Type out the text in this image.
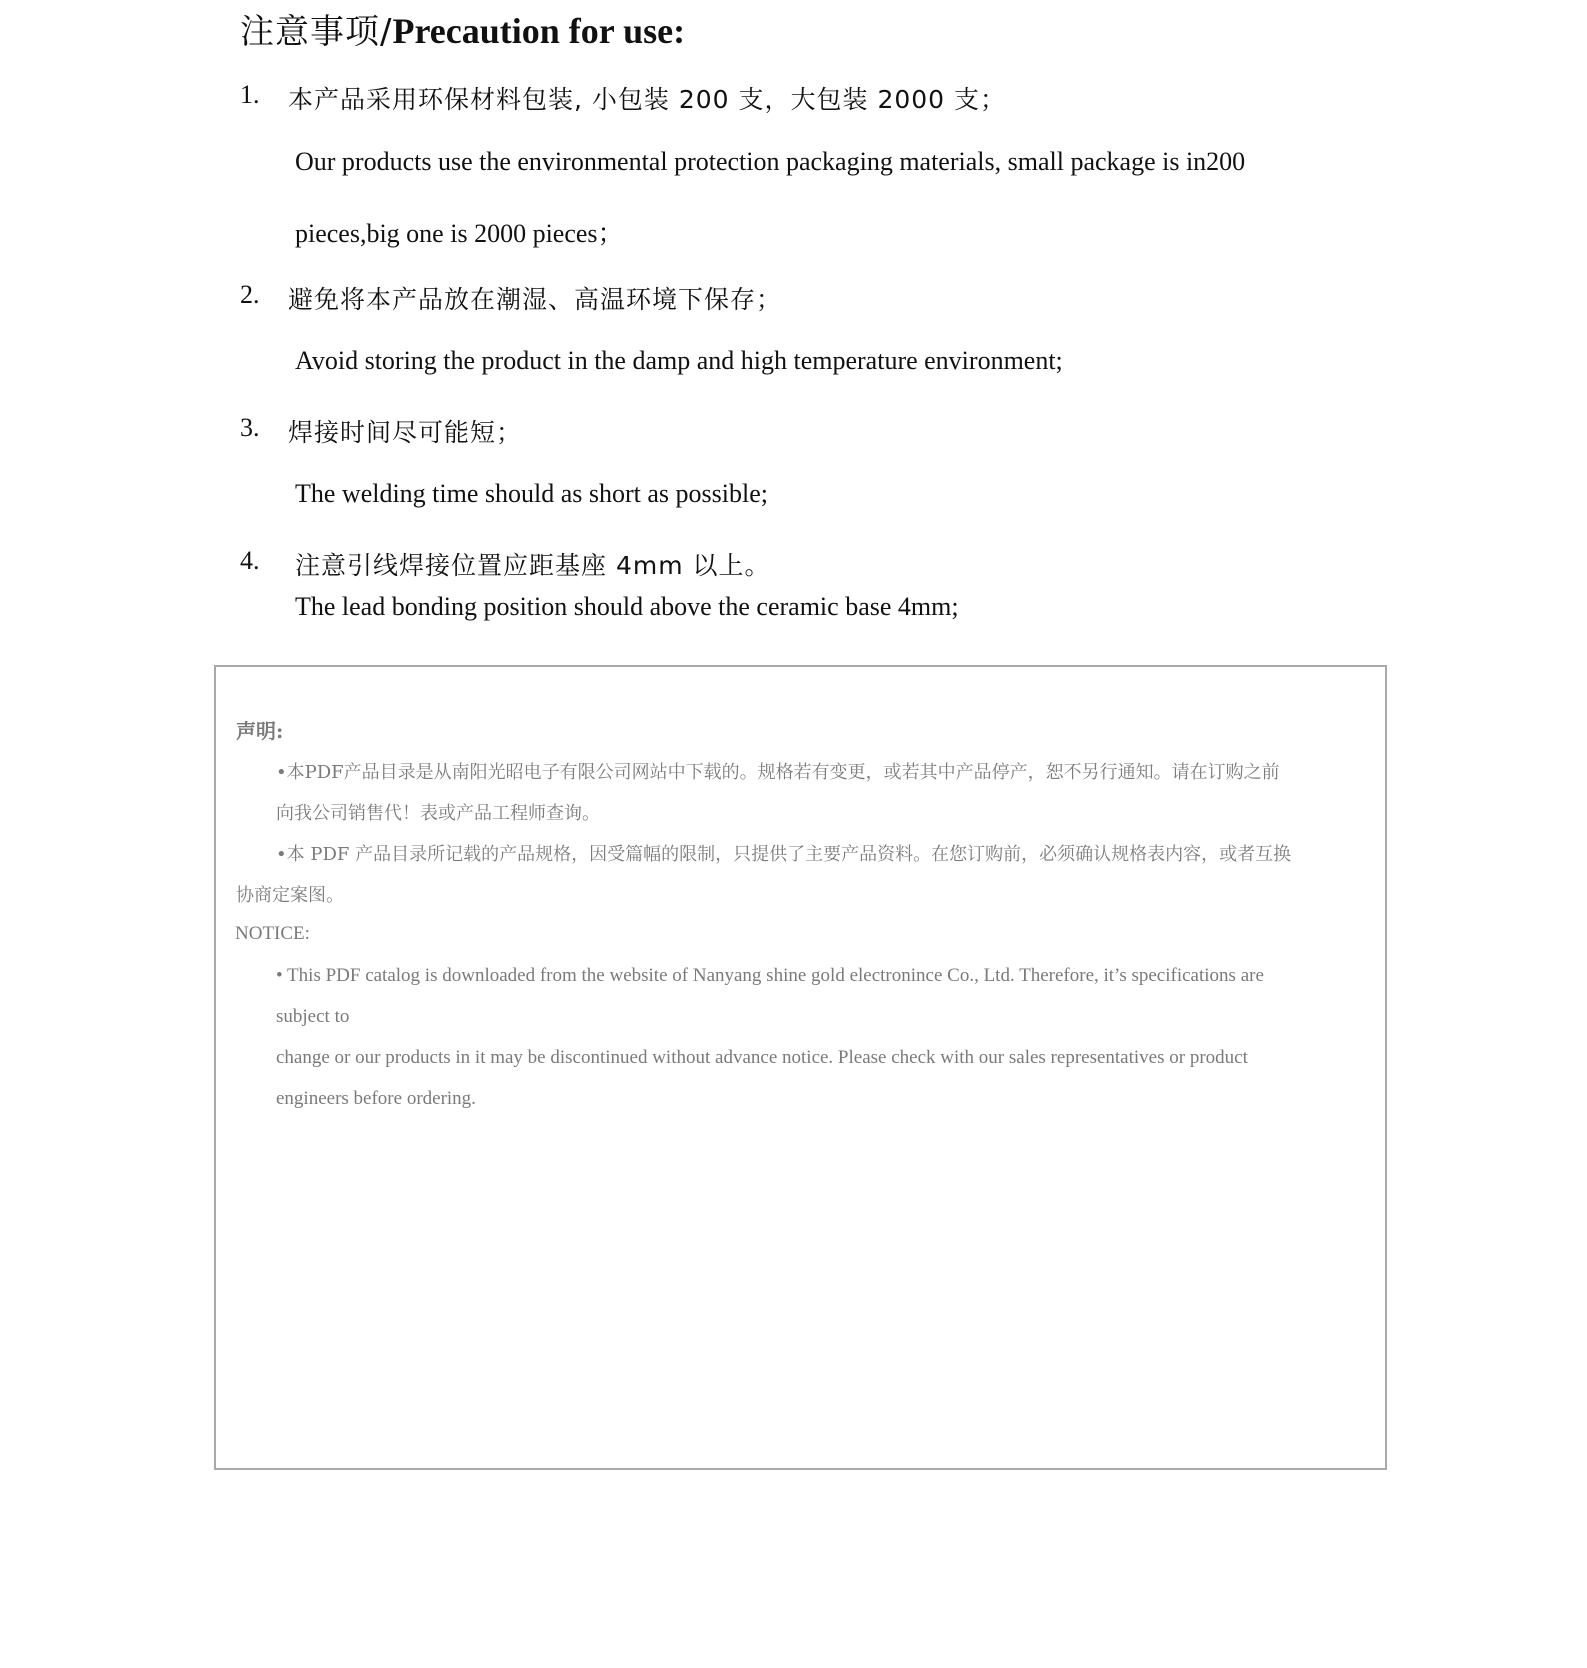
注意事项/Precaution for use:
1. 本产品采用环保材料包装, 小包装 200 支，大包装 2000 支；
Our products use the environmental protection packaging materials, small package is in200
pieces,big one is 2000 pieces；
2. 避免将本产品放在潮湿、高温环境下保存；
Avoid storing the product in the damp and high temperature environment;
3. 焊接时间尽可能短；
The welding time should as short as possible;
4. 注意引线焊接位置应距基座 4mm 以上。
The lead bonding position should above the ceramic base 4mm;
声明:
•本PDF产品目录是从南阳光昭电子有限公司网站中下载的。规格若有变更，或若其中产品停产，恕不另行通知。请在订购之前
向我公司销售代！表或产品工程师查询。
•本 PDF 产品目录所记载的产品规格，因受篇幅的限制，只提供了主要产品资料。在您订购前，必须确认规格表内容，或者互换
协商定案图。
NOTICE:
• This PDF catalog is downloaded from the website of Nanyang shine gold electronince Co., Ltd. Therefore, it’s specifications are
subject to
change or our products in it may be discontinued without advance notice. Please check with our sales representatives or product
engineers before ordering.
